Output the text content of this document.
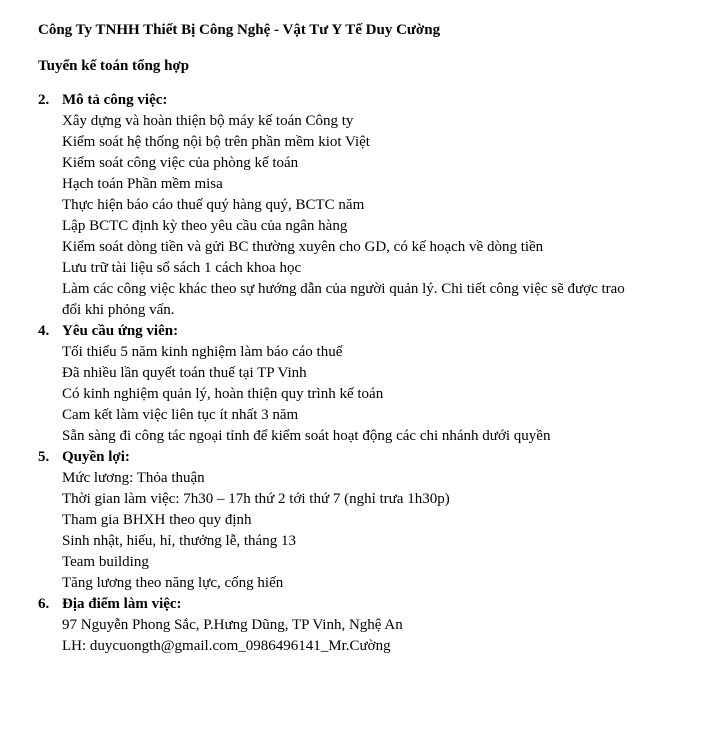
Công Ty TNHH Thiết Bị Công Nghệ - Vật Tư Y Tế Duy Cường
Tuyển kế toán tổng hợp
2. Mô tả công việc:
Xây dựng và hoàn thiện bộ máy kế toán Công ty
Kiểm soát hệ thống nội bộ trên phần mềm kiot Việt
Kiểm soát công việc của phòng kế toán
Hạch toán Phần mềm misa
Thực hiện báo cáo thuế quý hàng quý, BCTC năm
Lập BCTC định kỳ theo yêu cầu của ngân hàng
Kiểm soát dòng tiền và gửi BC thường xuyên cho GD, có kế hoạch về dòng tiền
Lưu trữ tài liệu sổ sách 1 cách khoa học
Làm các công việc khác theo sự hướng dẫn của người quản lý. Chi tiết công việc sẽ được trao đổi khi phỏng vấn.
4. Yêu cầu ứng viên:
Tối thiểu 5 năm kinh nghiệm làm báo cáo thuế
Đã nhiều lần quyết toán thuế tại TP Vinh
Có kinh nghiệm quản lý, hoàn thiện quy trình kế toán
Cam kết làm việc liên tục ít nhất 3 năm
Sẵn sàng đi công tác ngoại tỉnh để kiểm soát hoạt động các chi nhánh dưới quyền
5. Quyền lợi:
Mức lương: Thỏa thuận
Thời gian làm việc: 7h30 – 17h thứ 2 tới thứ 7 (nghỉ trưa 1h30p)
Tham gia BHXH theo quy định
Sinh nhật, hiếu, hỉ, thưởng lễ, tháng 13
Team building
Tăng lương theo năng lực, cống hiến
6. Địa điểm làm việc:
97 Nguyễn Phong Sắc, P.Hưng Dũng, TP Vinh, Nghệ An
LH: duycuongth@gmail.com_0986496141_Mr.Cường
